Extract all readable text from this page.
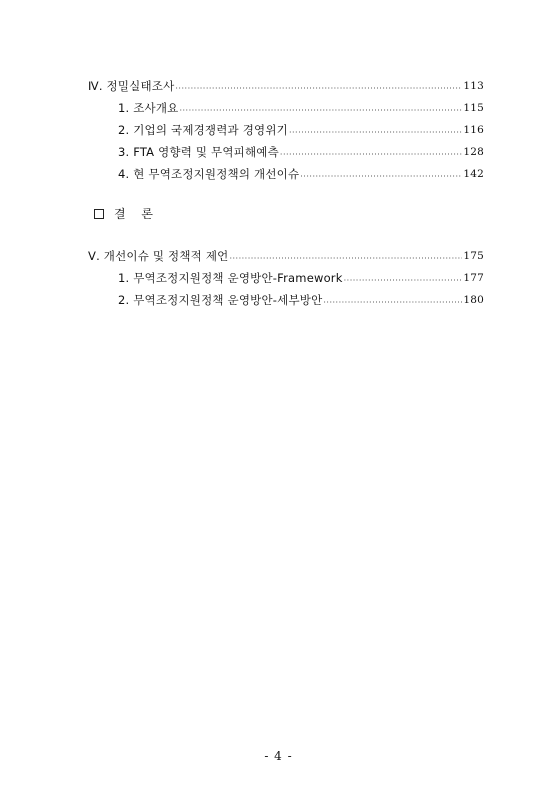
Ⅳ. 정밀실태조사 ·····	113
1. 조사개요 ·····	115
2. 기업의 국제경쟁력과 경영위기 ·····	116
3. FTA 영향력 및 무역피해예측 ·····	128
4. 현 무역조정지원정책의 개선이슈 ·····	142
결 론
Ⅴ. 개선이슈 및 정책적 제언 ·····	175
1. 무역조정지원정책 운영방안-Framework ·····	177
2. 무역조정지원정책 운영방안-세부방안 ·····	180
- 4 -
